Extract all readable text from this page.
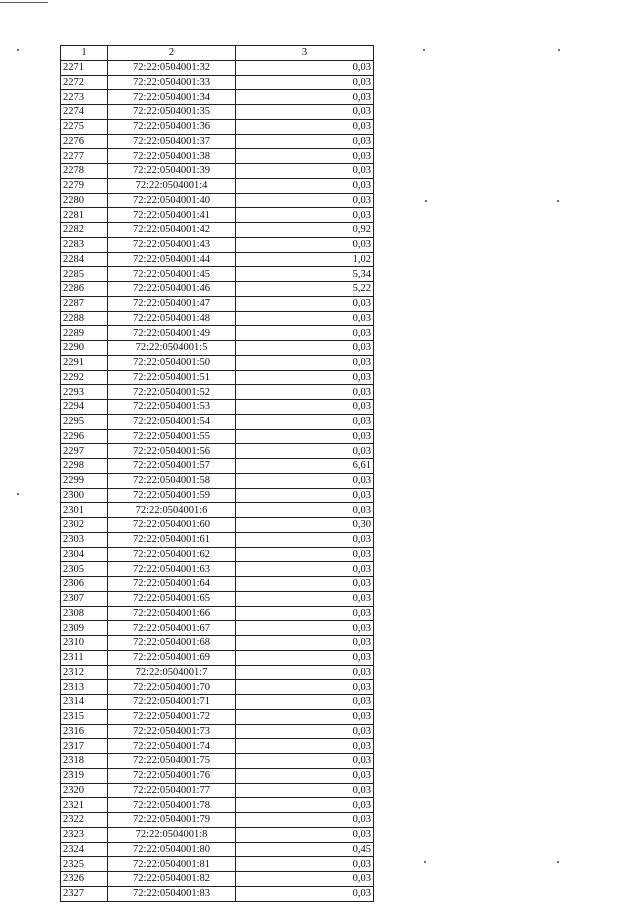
1	2	3
2271	72:22:0504001:32	0,03
2272	72:22:0504001:33	0,03
2273	72:22:0504001:34	0,03
2274	72:22:0504001:35	0,03
2275	72:22:0504001:36	0,03
2276	72:22:0504001:37	0,03
2277	72:22:0504001:38	0,03
2278	72:22:0504001:39	0,03
2279	72:22:0504001:4	0,03
2280	72:22:0504001:40	0,03
2281	72:22:0504001:41	0,03
2282	72:22:0504001:42	0,92
2283	72:22:0504001:43	0,03
2284	72:22:0504001:44	1,02
2285	72:22:0504001:45	5,34
2286	72:22:0504001:46	5,22
2287	72:22:0504001:47	0,03
2288	72:22:0504001:48	0,03
2289	72:22:0504001:49	0,03
2290	72:22:0504001:5	0,03
2291	72:22:0504001:50	0,03
2292	72:22:0504001:51	0,03
2293	72:22:0504001:52	0,03
2294	72:22:0504001:53	0,03
2295	72:22:0504001:54	0,03
2296	72:22:0504001:55	0,03
2297	72:22:0504001:56	0,03
2298	72:22:0504001:57	6,61
2299	72:22:0504001:58	0,03
2300	72:22:0504001:59	0,03
2301	72:22:0504001:6	0,03
2302	72:22:0504001:60	0,30
2303	72:22:0504001:61	0,03
2304	72:22:0504001:62	0,03
2305	72:22:0504001:63	0,03
2306	72:22:0504001:64	0,03
2307	72:22:0504001:65	0,03
2308	72:22:0504001:66	0,03
2309	72:22:0504001:67	0,03
2310	72:22:0504001:68	0,03
2311	72:22:0504001:69	0,03
2312	72:22:0504001:7	0,03
2313	72:22:0504001:70	0,03
2314	72:22:0504001:71	0,03
2315	72:22:0504001:72	0,03
2316	72:22:0504001:73	0,03
2317	72:22:0504001:74	0,03
2318	72:22:0504001:75	0,03
2319	72:22:0504001:76	0,03
2320	72:22:0504001:77	0,03
2321	72:22:0504001:78	0,03
2322	72:22:0504001:79	0,03
2323	72:22:0504001:8	0,03
2324	72:22:0504001:80	0,45
2325	72:22:0504001:81	0,03
2326	72:22:0504001:82	0,03
2327	72:22:0504001:83	0,03
